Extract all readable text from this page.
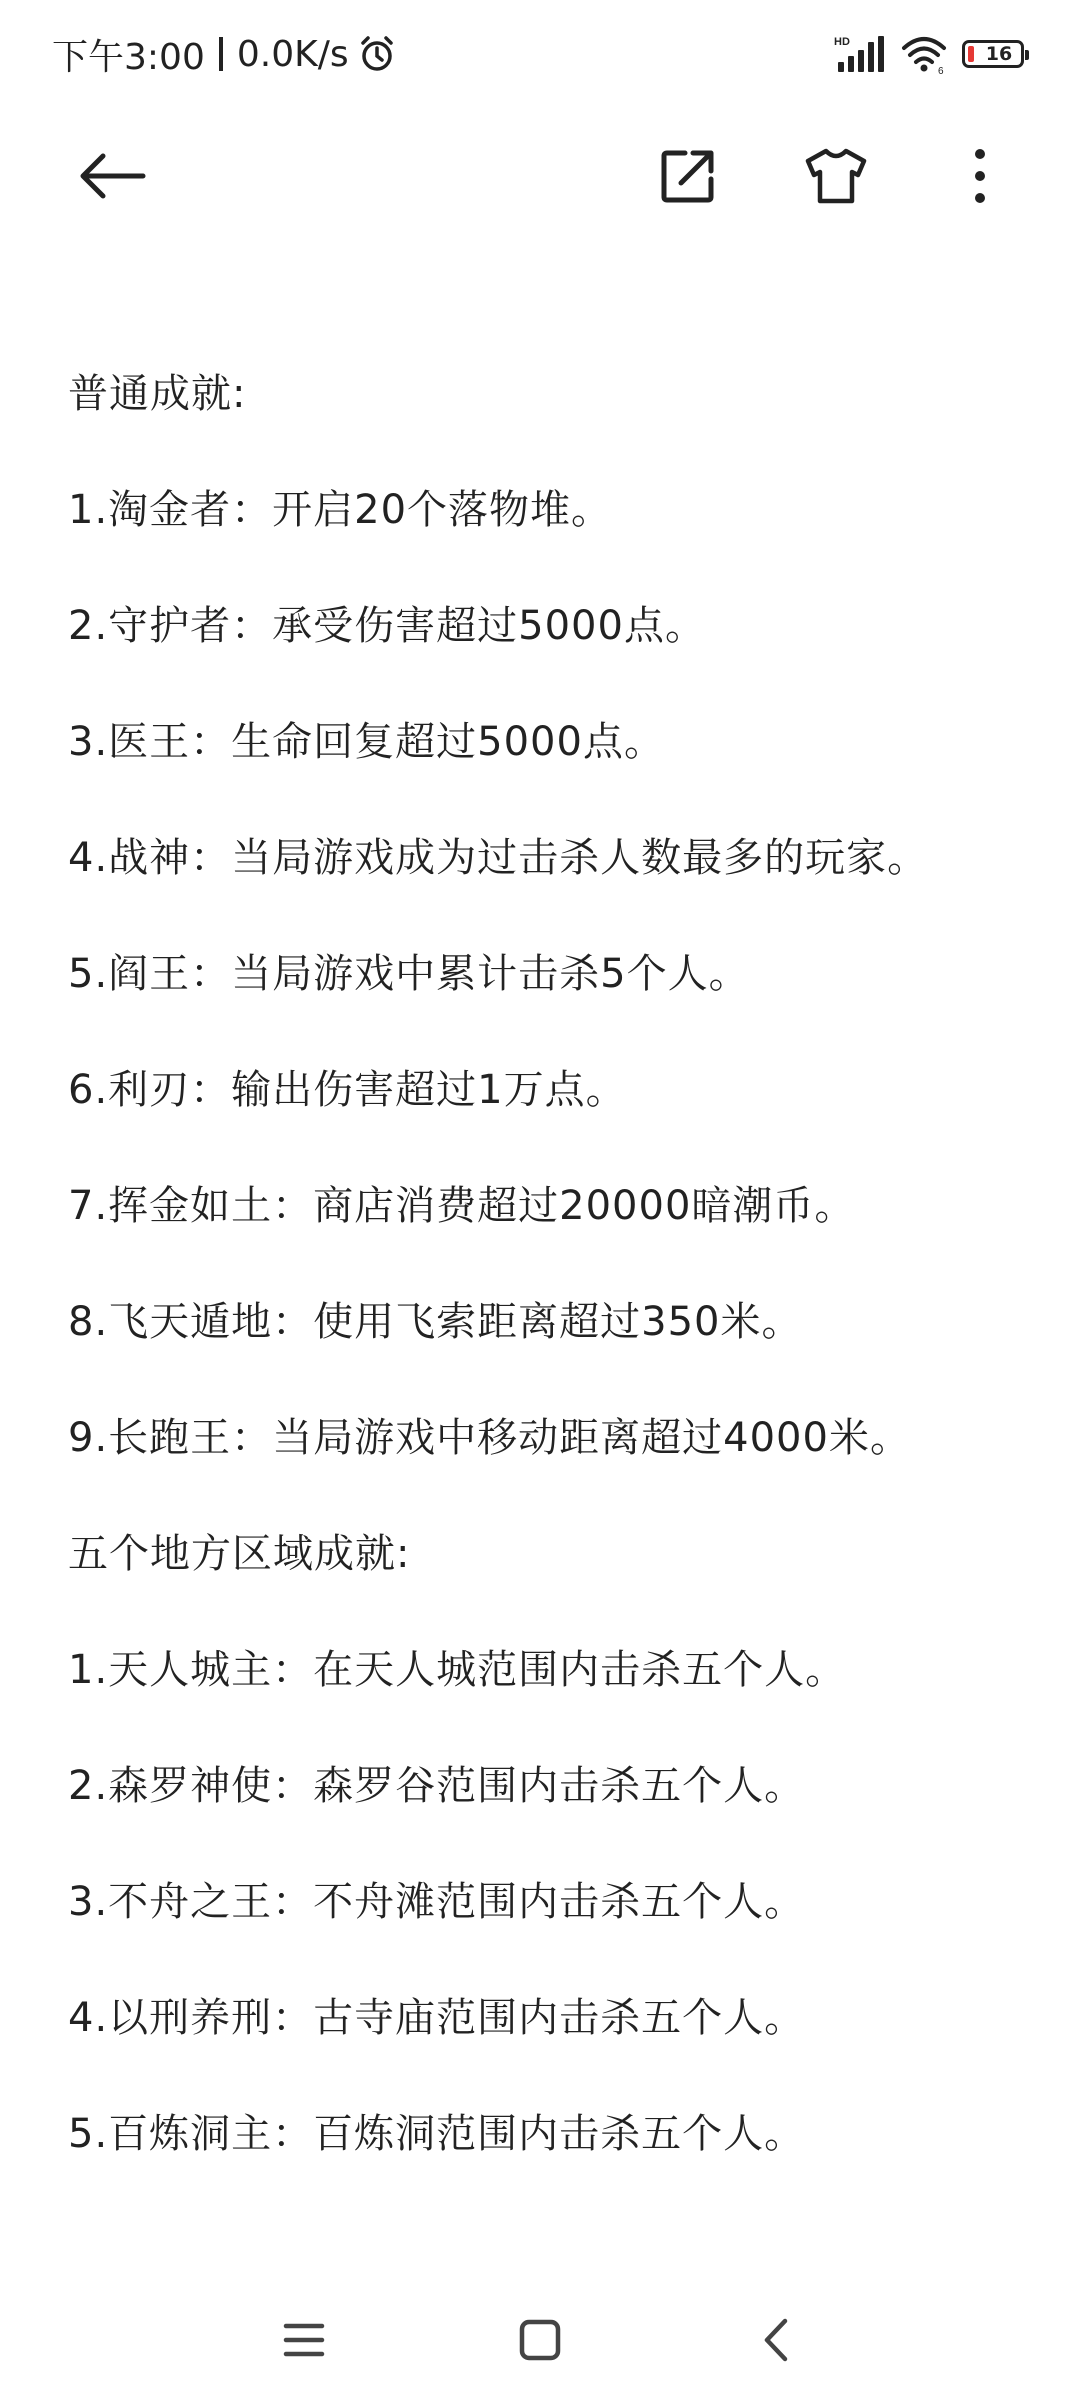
下午3:00 0.0K/s	HD
6
16
普通成就:
1.淘金者：开启20个落物堆。
2.守护者：承受伤害超过5000点。
3.医王：生命回复超过5000点。
4.战神：当局游戏成为过击杀人数最多的玩家。
5.阎王：当局游戏中累计击杀5个人。
6.利刃：输出伤害超过1万点。
7.挥金如土：商店消费超过20000暗潮币。
8.飞天遁地：使用飞索距离超过350米。
9.长跑王：当局游戏中移动距离超过4000米。
五个地方区域成就:
1.天人城主：在天人城范围内击杀五个人。
2.森罗神使：森罗谷范围内击杀五个人。
3.不舟之王：不舟滩范围内击杀五个人。
4.以刑养刑：古寺庙范围内击杀五个人。
5.百炼洞主：百炼洞范围内击杀五个人。
